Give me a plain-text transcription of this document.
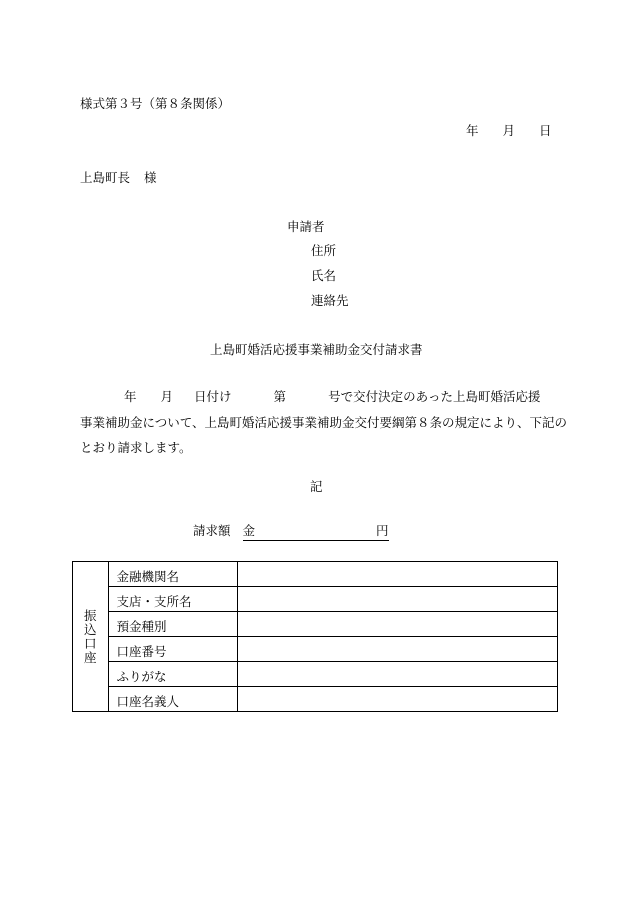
様式第３号（第８条関係）
年 月 日
上島町長 様
申請者
住所
氏名
連絡先
上島町婚活応援事業補助金交付請求書
年 月 日付け	第	号で交付決定のあった上島町婚活応援
事業補助金について、上島町婚活応援事業補助金交付要綱第８条の規定により、下記の
とおり請求します。
記
請求額 金	円
振込口座	金融機関名	
	支店・支所名	
	預金種別	
	口座番号	
	ふりがな	
	口座名義人	
